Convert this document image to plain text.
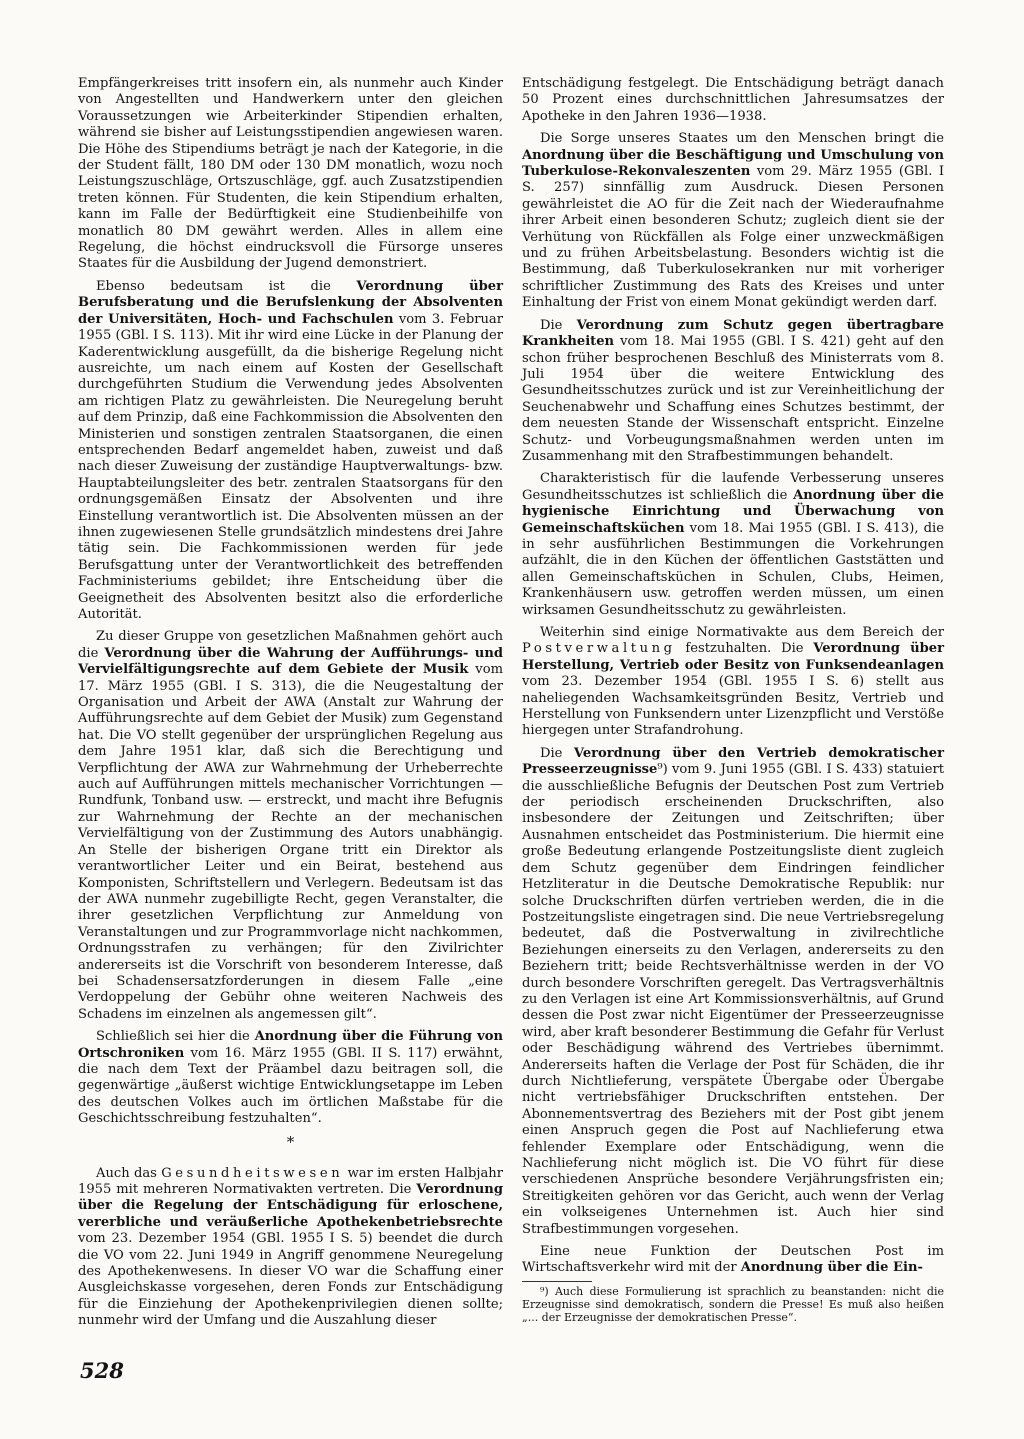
Empfängerkreises tritt insofern ein, als nunmehr auch Kinder von Angestellten und Handwerkern unter den gleichen Voraussetzungen wie Arbeiterkinder Stipendien erhalten, während sie bisher auf Leistungsstipendien angewiesen waren. Die Höhe des Stipendiums beträgt je nach der Kategorie, in die der Student fällt, 180 DM oder 130 DM monatlich, wozu noch Leistungszuschläge, Ortszuschläge, ggf. auch Zusatzstipendien treten können. Für Studenten, die kein Stipendium erhalten, kann im Falle der Bedürftigkeit eine Studienbeihilfe von monatlich 80 DM gewährt werden. Alles in allem eine Regelung, die höchst eindrucksvoll die Fürsorge unseres Staates für die Ausbildung der Jugend demonstriert.

Ebenso bedeutsam ist die Verordnung über Berufsberatung und die Berufslenkung der Absolventen der Universitäten, Hoch- und Fachschulen vom 3. Februar 1955 (GBl. I S. 113). Mit ihr wird eine Lücke in der Planung der Kaderentwicklung ausgefüllt, da die bisherige Regelung nicht ausreichte, um nach einem auf Kosten der Gesellschaft durchgeführten Studium die Verwendung jedes Absolventen am richtigen Platz zu gewährleisten. Die Neuregelung beruht auf dem Prinzip, daß eine Fachkommission die Absolventen den Ministerien und sonstigen zentralen Staatsorganen, die einen entsprechenden Bedarf angemeldet haben, zuweist und daß nach dieser Zuweisung der zuständige Hauptverwaltungs- bzw. Hauptabteilungsleiter des betr. zentralen Staatsorgans für den ordnungsgemäßen Einsatz der Absolventen und ihre Einstellung verantwortlich ist. Die Absolventen müssen an der ihnen zugewiesenen Stelle grundsätzlich mindestens drei Jahre tätig sein. Die Fachkommissionen werden für jede Berufsgattung unter der Verantwortlichkeit des betreffenden Fachministeriums gebildet; ihre Entscheidung über die Geeignetheit des Absolventen besitzt also die erforderliche Autorität.

Zu dieser Gruppe von gesetzlichen Maßnahmen gehört auch die Verordnung über die Wahrung der Aufführungs- und Vervielfältigungsrechte auf dem Gebiete der Musik vom 17. März 1955 (GBl. I S. 313), die die Neugestaltung der Organisation und Arbeit der AWA (Anstalt zur Wahrung der Aufführungsrechte auf dem Gebiet der Musik) zum Gegenstand hat. Die VO stellt gegenüber der ursprünglichen Regelung aus dem Jahre 1951 klar, daß sich die Berechtigung und Verpflichtung der AWA zur Wahrnehmung der Urheberrechte auch auf Aufführungen mittels mechanischer Vorrichtungen — Rundfunk, Tonband usw. — erstreckt, und macht ihre Befugnis zur Wahrnehmung der Rechte an der mechanischen Vervielfältigung von der Zustimmung des Autors unabhängig. An Stelle der bisherigen Organe tritt ein Direktor als verantwortlicher Leiter und ein Beirat, bestehend aus Komponisten, Schriftstellern und Verlegern. Bedeutsam ist das der AWA nunmehr zugebilligte Recht, gegen Veranstalter, die ihrer gesetzlichen Verpflichtung zur Anmeldung von Veranstaltungen und zur Programmvorlage nicht nachkommen, Ordnungsstrafen zu verhängen; für den Zivilrichter andererseits ist die Vorschrift von besonderem Interesse, daß bei Schadensersatzforderungen in diesem Falle „eine Verdoppelung der Gebühr ohne weiteren Nachweis des Schadens im einzelnen als angemessen gilt“.

Schließlich sei hier die Anordnung über die Führung von Ortschroniken vom 16. März 1955 (GBl. II S. 117) erwähnt, die nach dem Text der Präambel dazu beitragen soll, die gegenwärtige „äußerst wichtige Entwicklungsetappe im Leben des deutschen Volkes auch im örtlichen Maßstabe für die Geschichtsschreibung festzuhalten“.

*

Auch das Gesundheitswesen war im ersten Halbjahr 1955 mit mehreren Normativakten vertreten. Die Verordnung über die Regelung der Entschädigung für erloschene, vererbliche und veräußerliche Apothekenbetriebsrechte vom 23. Dezember 1954 (GBl. 1955 I S. 5) beendet die durch die VO vom 22. Juni 1949 in Angriff genommene Neuregelung des Apothekenwesens. In dieser VO war die Schaffung einer Ausgleichskasse vorgesehen, deren Fonds zur Entschädigung für die Einziehung der Apothekenprivilegien dienen sollte; nunmehr wird der Umfang und die Auszahlung dieser

Entschädigung festgelegt. Die Entschädigung beträgt danach 50 Prozent eines durchschnittlichen Jahresumsatzes der Apotheke in den Jahren 1936—1938.

Die Sorge unseres Staates um den Menschen bringt die Anordnung über die Beschäftigung und Umschulung von Tuberkulose-Rekonvaleszenten vom 29. März 1955 (GBl. I S. 257) sinnfällig zum Ausdruck. Diesen Personen gewährleistet die AO für die Zeit nach der Wiederaufnahme ihrer Arbeit einen besonderen Schutz; zugleich dient sie der Verhütung von Rückfällen als Folge einer unzweckmäßigen und zu frühen Arbeitsbelastung. Besonders wichtig ist die Bestimmung, daß Tuberkulosekranken nur mit vorheriger schriftlicher Zustimmung des Rats des Kreises und unter Einhaltung der Frist von einem Monat gekündigt werden darf.

Die Verordnung zum Schutz gegen übertragbare Krankheiten vom 18. Mai 1955 (GBl. I S. 421) geht auf den schon früher besprochenen Beschluß des Ministerrats vom 8. Juli 1954 über die weitere Entwicklung des Gesundheitsschutzes zurück und ist zur Vereinheitlichung der Seuchenabwehr und Schaffung eines Schutzes bestimmt, der dem neuesten Stande der Wissenschaft entspricht. Einzelne Schutz- und Vorbeugungsmaßnahmen werden unten im Zusammenhang mit den Strafbestimmungen behandelt.

Charakteristisch für die laufende Verbesserung unseres Gesundheitsschutzes ist schließlich die Anordnung über die hygienische Einrichtung und Überwachung von Gemeinschaftsküchen vom 18. Mai 1955 (GBl. I S. 413), die in sehr ausführlichen Bestimmungen die Vorkehrungen aufzählt, die in den Küchen der öffentlichen Gaststätten und allen Gemeinschaftsküchen in Schulen, Clubs, Heimen, Krankenhäusern usw. getroffen werden müssen, um einen wirksamen Gesundheitsschutz zu gewährleisten.

Weiterhin sind einige Normativakte aus dem Bereich der Postverwaltung festzuhalten. Die Verordnung über Herstellung, Vertrieb oder Besitz von Funksendeanlagen vom 23. Dezember 1954 (GBl. 1955 I S. 6) stellt aus naheliegenden Wachsamkeitsgründen Besitz, Vertrieb und Herstellung von Funksendern unter Lizenzpflicht und Verstöße hiergegen unter Strafandrohung.

Die Verordnung über den Vertrieb demokratischer Presseerzeugnisse⁹) vom 9. Juni 1955 (GBl. I S. 433) statuiert die ausschließliche Befugnis der Deutschen Post zum Vertrieb der periodisch erscheinenden Druckschriften, also insbesondere der Zeitungen und Zeitschriften; über Ausnahmen entscheidet das Postministerium. Die hiermit eine große Bedeutung erlangende Postzeitungsliste dient zugleich dem Schutz gegenüber dem Eindringen feindlicher Hetzliteratur in die Deutsche Demokratische Republik: nur solche Druckschriften dürfen vertrieben werden, die in die Postzeitungsliste eingetragen sind. Die neue Vertriebsregelung bedeutet, daß die Postverwaltung in zivilrechtliche Beziehungen einerseits zu den Verlagen, andererseits zu den Beziehern tritt; beide Rechtsverhältnisse werden in der VO durch besondere Vorschriften geregelt. Das Vertragsverhältnis zu den Verlagen ist eine Art Kommissionsverhältnis, auf Grund dessen die Post zwar nicht Eigentümer der Presseerzeugnisse wird, aber kraft besonderer Bestimmung die Gefahr für Verlust oder Beschädigung während des Vertriebes übernimmt. Andererseits haften die Verlage der Post für Schäden, die ihr durch Nichtlieferung, verspätete Übergabe oder Übergabe nicht vertriebsfähiger Druckschriften entstehen. Der Abonnementsvertrag des Beziehers mit der Post gibt jenem einen Anspruch gegen die Post auf Nachlieferung etwa fehlender Exemplare oder Entschädigung, wenn die Nachlieferung nicht möglich ist. Die VO führt für diese verschiedenen Ansprüche besondere Verjährungsfristen ein; Streitigkeiten gehören vor das Gericht, auch wenn der Verlag ein volkseigenes Unternehmen ist. Auch hier sind Strafbestimmungen vorgesehen.

Eine neue Funktion der Deutschen Post im Wirtschaftsverkehr wird mit der Anordnung über die Ein-

⁹) Auch diese Formulierung ist sprachlich zu beanstanden: nicht die Erzeugnisse sind demokratisch, sondern die Presse! Es muß also heißen „... der Erzeugnisse der demokratischen Presse“.

528
